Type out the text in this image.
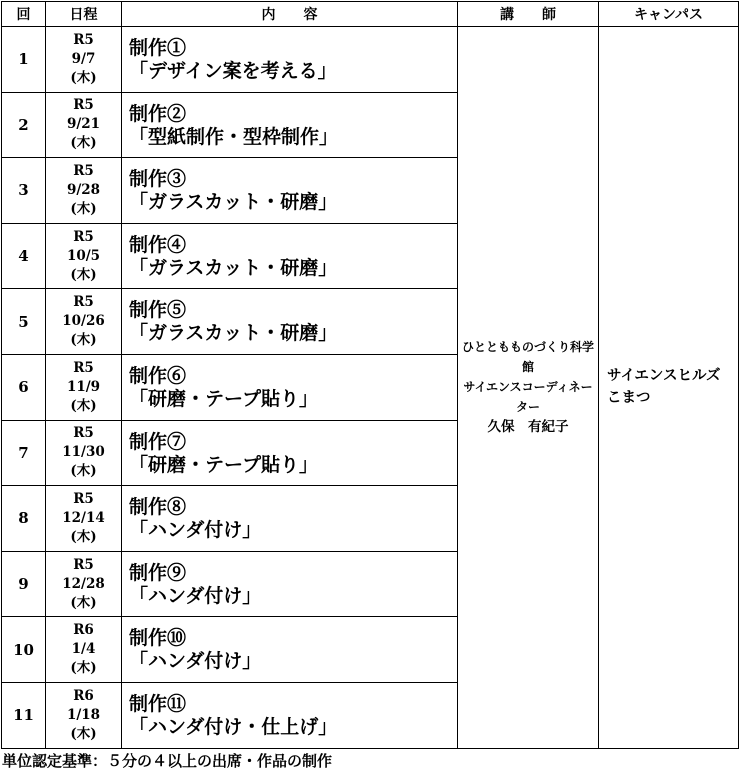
回	日程	内　　容	講　　師	キャンパス
1	R5
9/7
(木)	制作①
「デザイン案を考える」	ひとともものづくり科学館
サイエンスコーディネーター
久保　有紀子	サイエンスヒルズ
こまつ

2	R5
9/21
(木)	制作②
「型紙制作・型枠制作」		

3	R5
9/28
(木)	制作③
「ガラスカット・研磨」		

4	R5
10/5
(木)	制作④
「ガラスカット・研磨」		

5	R5
10/26
(木)	制作⑤
「ガラスカット・研磨」		

6	R5
11/9
(木)	制作⑥
「研磨・テープ貼り」		

7	R5
11/30
(木)	制作⑦
「研磨・テープ貼り」		

8	R5
12/14
(木)	制作⑧
「ハンダ付け」		

9	R5
12/28
(木)	制作⑨
「ハンダ付け」		

10	R6
1/4
(木)	制作⑩
「ハンダ付け」		

11	R6
1/18
(木)	制作⑪
「ハンダ付け・仕上げ」		
単位認定基準：５分の４以上の出席・作品の制作
